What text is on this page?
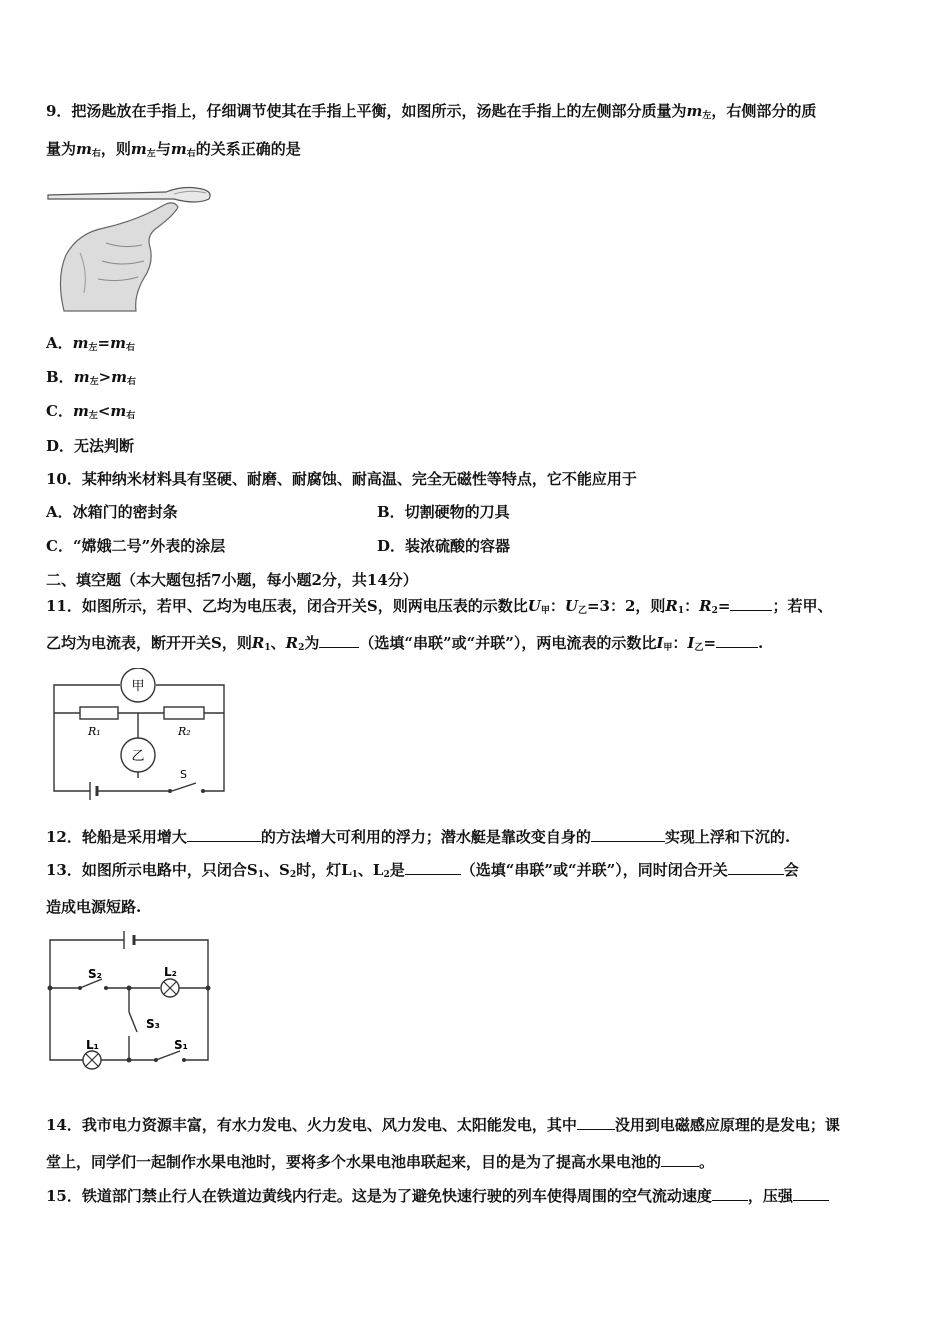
9．把汤匙放在手指上，仔细调节使其在手指上平衡，如图所示，汤匙在手指上的左侧部分质量为$m_左$，右侧部分的质
量为$m_右$，则$m_左$与$m_右$的关系正确的是
A．$m_左=m_右$
B．$m_左>m_右$
C．$m_左<m_右$
D．无法判断
10．某种纳米材料具有坚硬、耐磨、耐腐蚀、耐高温、完全无磁性等特点，它不能应用于
A．冰箱门的密封条	B．切割硬物的刀具
C．“嫦娥二号”外表的涂层	D．装浓硫酸的容器
二、填空题（本大题包括7小题，每小题2分，共14分）
11．如图所示，若甲、乙均为电压表，闭合开关S，则两电压表的示数比$U_甲$：$U_乙=3$：2，则$R_1$：$R_2=$	；若甲、
乙均为电流表，断开开关S，则$R_1$、$R_2$为	（选填“串联”或“并联”），两电流表的示数比$I_甲$：$I_乙=$	.
甲
乙
R₁	R₂
S
12．轮船是采用增大	的方法增大可利用的浮力；潜水艇是靠改变自身的	实现上浮和下沉的.
13．如图所示电路中，只闭合$S_1$、$S_2$时，灯$L_1$、$L_2$是	（选填“串联”或“并联”），同时闭合开关	会
造成电源短路.
S₂	L₂
S₃
L₁	S₁
14．我市电力资源丰富，有水力发电、火力发电、风力发电、太阳能发电，其中	没用到电磁感应原理的是发电；课
堂上，同学们一起制作水果电池时，要将多个水果电池串联起来，目的是为了提高水果电池的	。
15．铁道部门禁止行人在铁道边黄线内行走。这是为了避免快速行驶的列车使得周围的空气流动速度 ，压强
